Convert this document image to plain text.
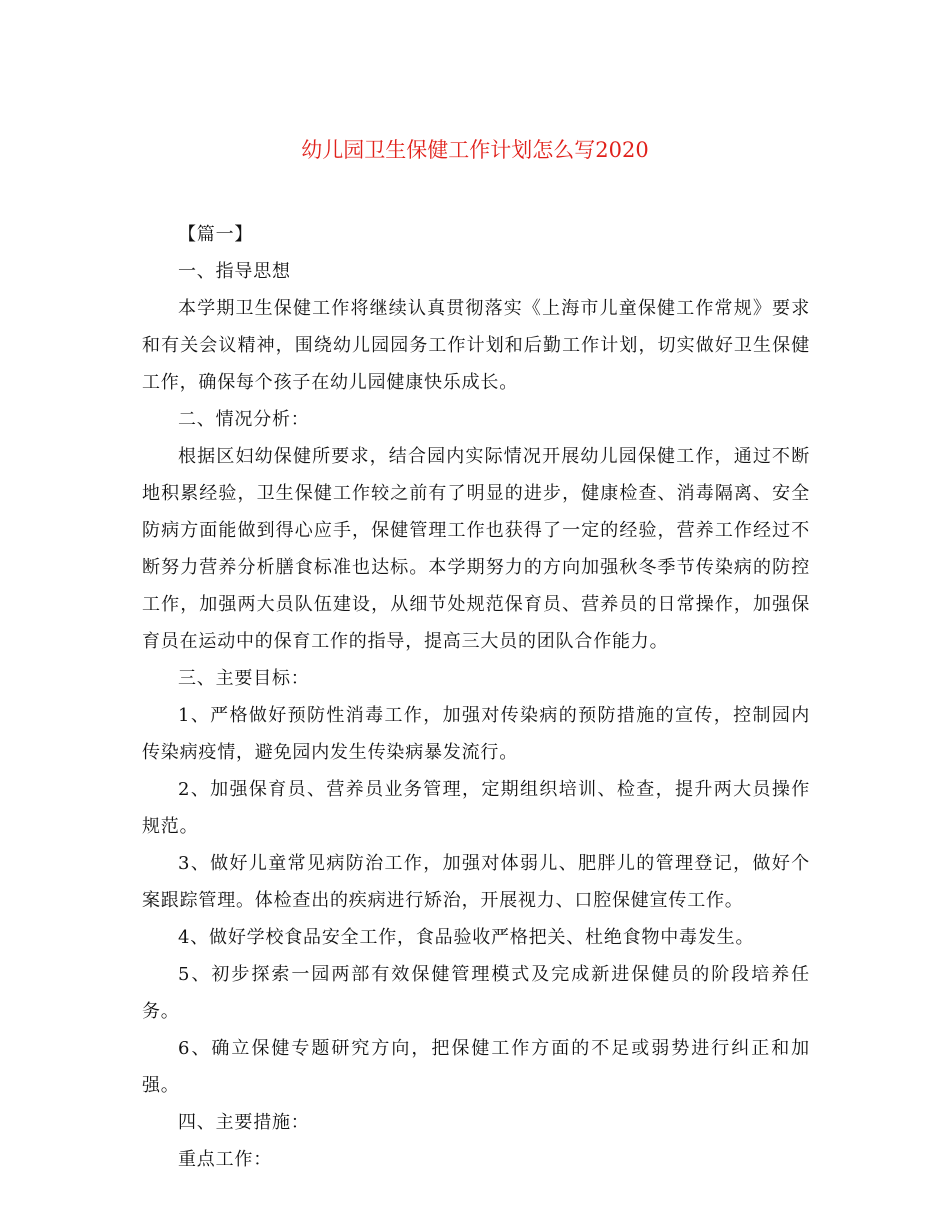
幼儿园卫生保健工作计划怎么写2020

【篇一】

一、指导思想

本学期卫生保健工作将继续认真贯彻落实《上海市儿童保健工作常规》要求和有关会议精神，围绕幼儿园园务工作计划和后勤工作计划，切实做好卫生保健工作，确保每个孩子在幼儿园健康快乐成长。

二、情况分析：

根据区妇幼保健所要求，结合园内实际情况开展幼儿园保健工作，通过不断地积累经验，卫生保健工作较之前有了明显的进步，健康检查、消毒隔离、安全防病方面能做到得心应手，保健管理工作也获得了一定的经验，营养工作经过不断努力营养分析膳食标准也达标。本学期努力的方向加强秋冬季节传染病的防控工作，加强两大员队伍建设，从细节处规范保育员、营养员的日常操作，加强保育员在运动中的保育工作的指导，提高三大员的团队合作能力。

三、主要目标：

1、严格做好预防性消毒工作，加强对传染病的预防措施的宣传，控制园内传染病疫情，避免园内发生传染病暴发流行。

2、加强保育员、营养员业务管理，定期组织培训、检查，提升两大员操作规范。

3、做好儿童常见病防治工作，加强对体弱儿、肥胖儿的管理登记，做好个案跟踪管理。体检查出的疾病进行矫治，开展视力、口腔保健宣传工作。

4、做好学校食品安全工作，食品验收严格把关、杜绝食物中毒发生。

5、初步探索一园两部有效保健管理模式及完成新进保健员的阶段培养任务。

6、确立保健专题研究方向，把保健工作方面的不足或弱势进行纠正和加强。

四、主要措施：

重点工作：
